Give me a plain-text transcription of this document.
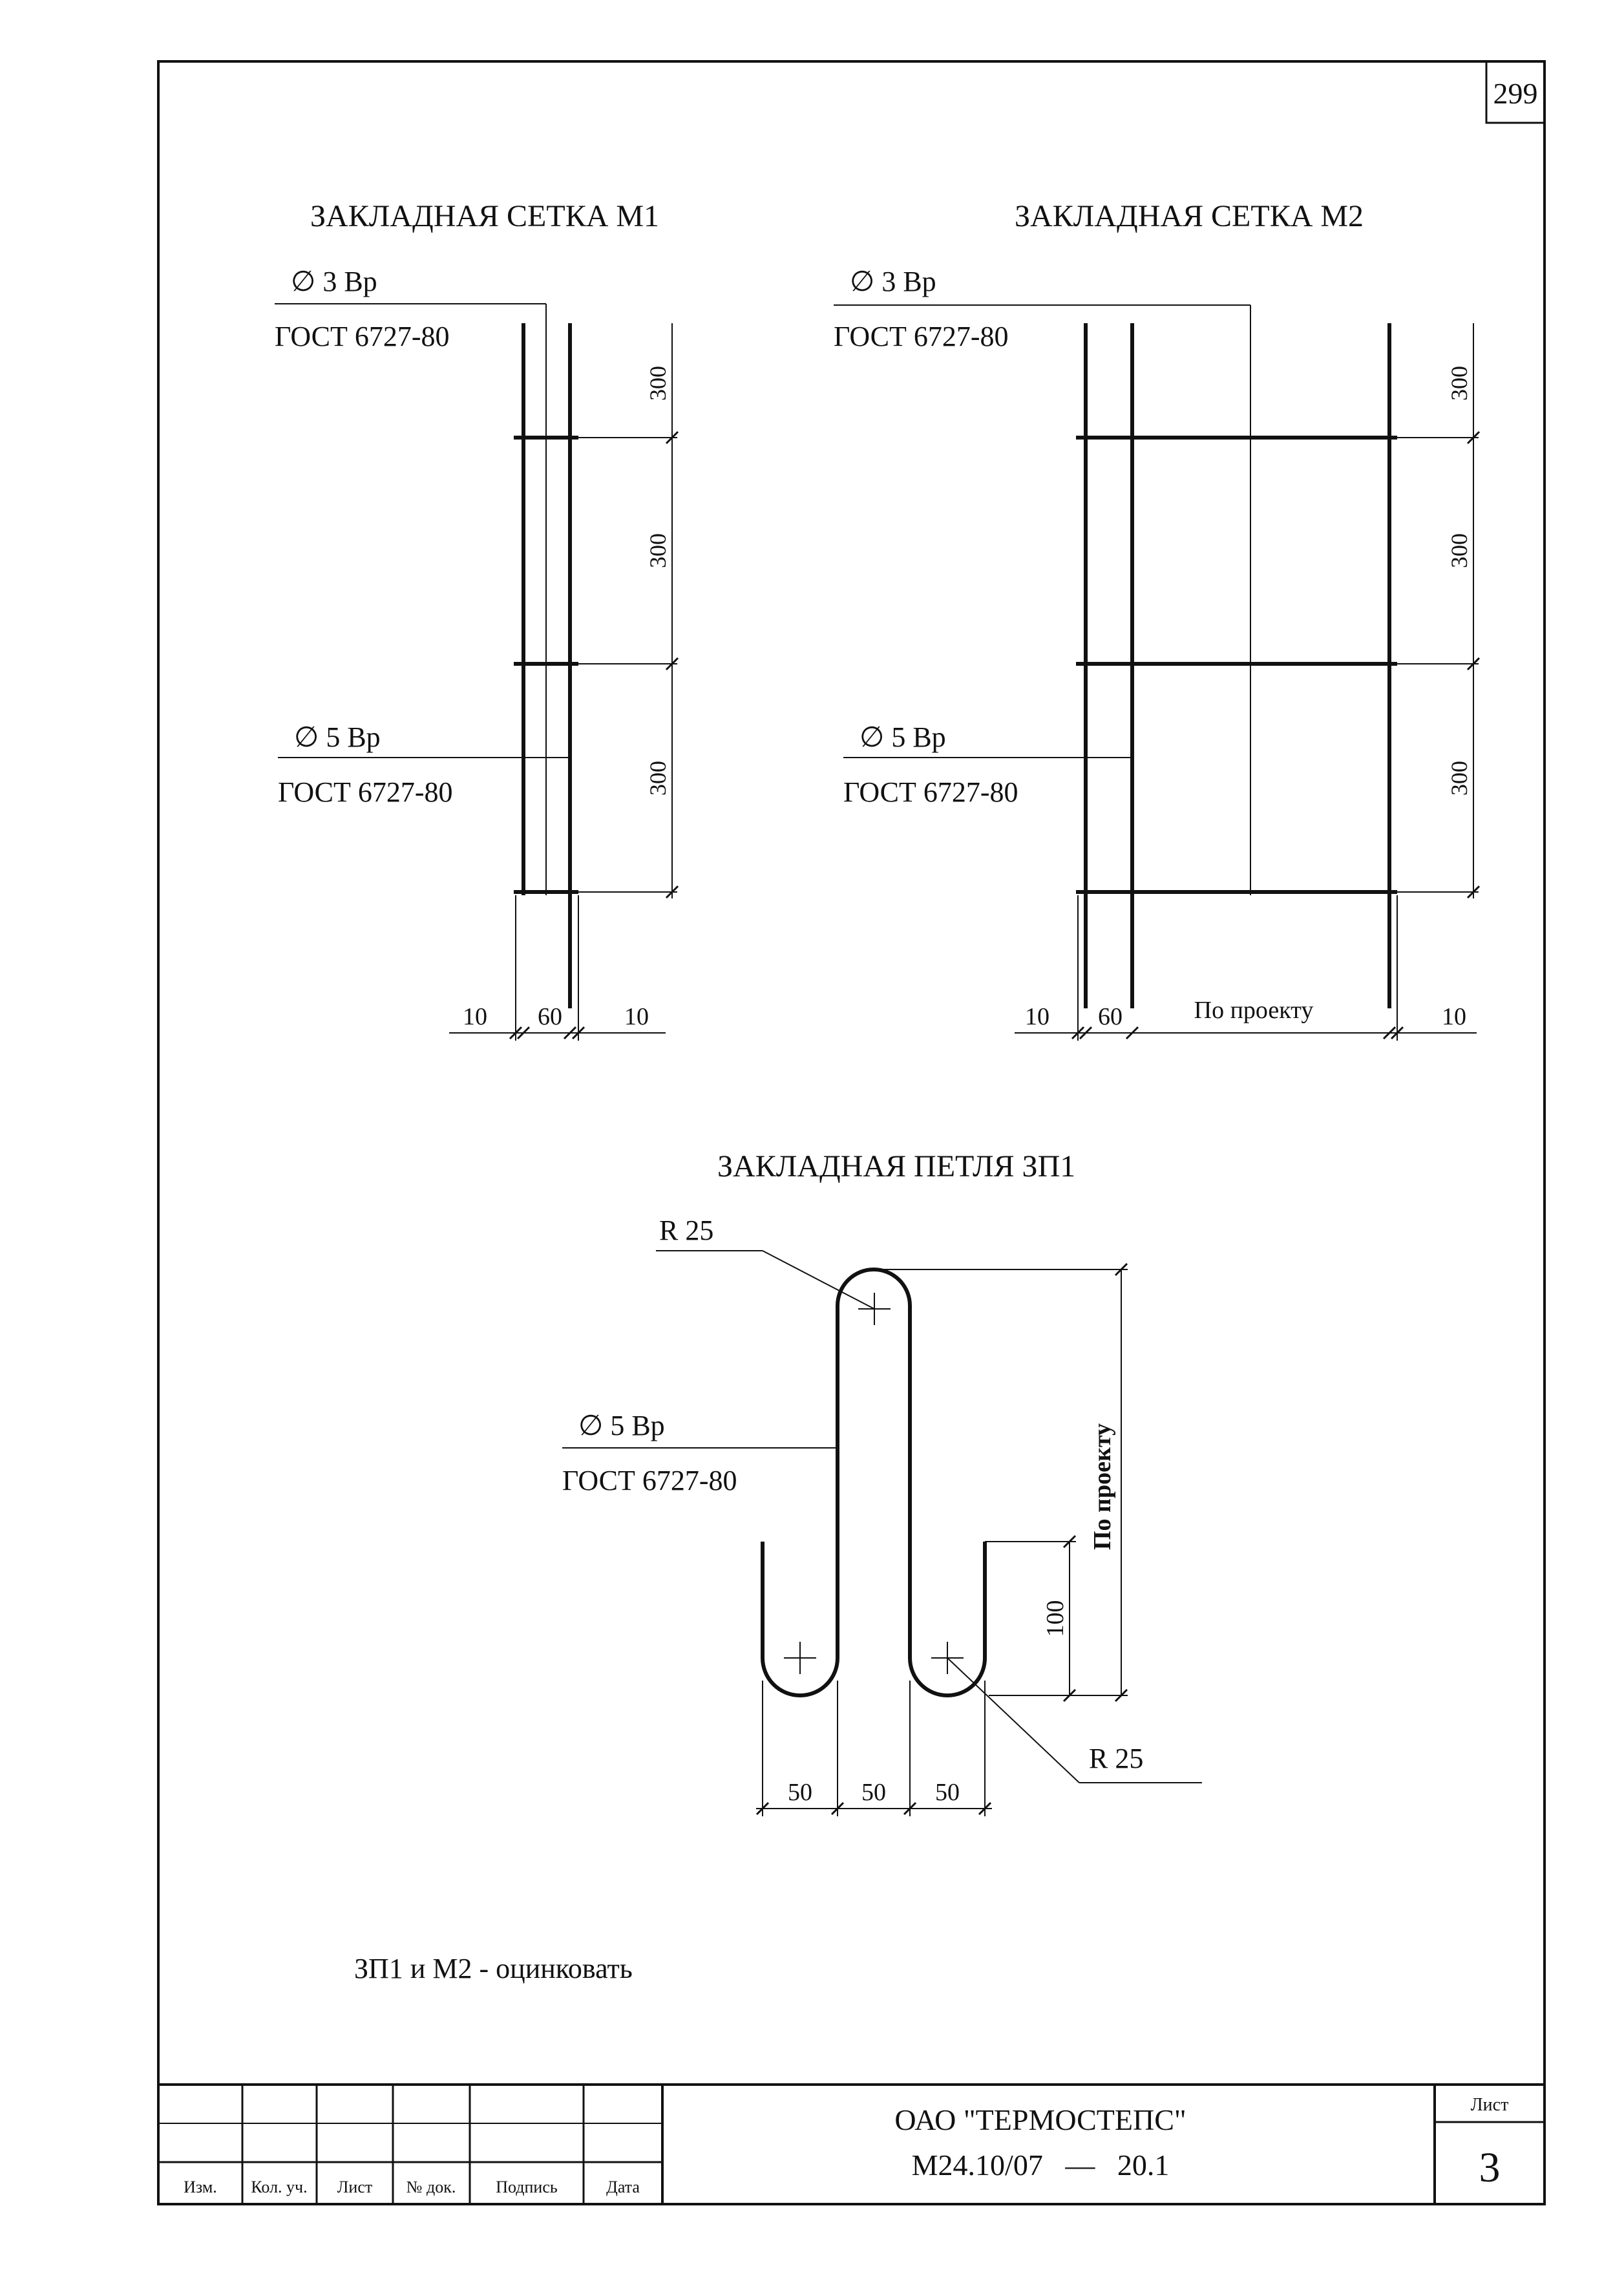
299
ЗАКЛАДНАЯ СЕТКА М1
∅ 3 Вр
ГОСТ 6727-80
∅ 5 Вр
ГОСТ 6727-80
300
300
300
10 60	10
ЗАКЛАДНАЯ СЕТКА М2
∅ 3 Вр
ГОСТ 6727-80
∅ 5 Вр
ГОСТ 6727-80
300
300
300
10 60	По проекту	10
ЗАКЛАДНАЯ ПЕТЛЯ ЗП1
R 25
∅ 5 Вр
ГОСТ 6727-80	По проекту
100
R 25
50 50 50
ЗП1 и М2 - оцинковать
Изм. Кол. уч. Лист № док. Подпись	Дата
ОАО "ТЕРМОСТЕПС"
М24.10/07   —   20.1
Лист
3
